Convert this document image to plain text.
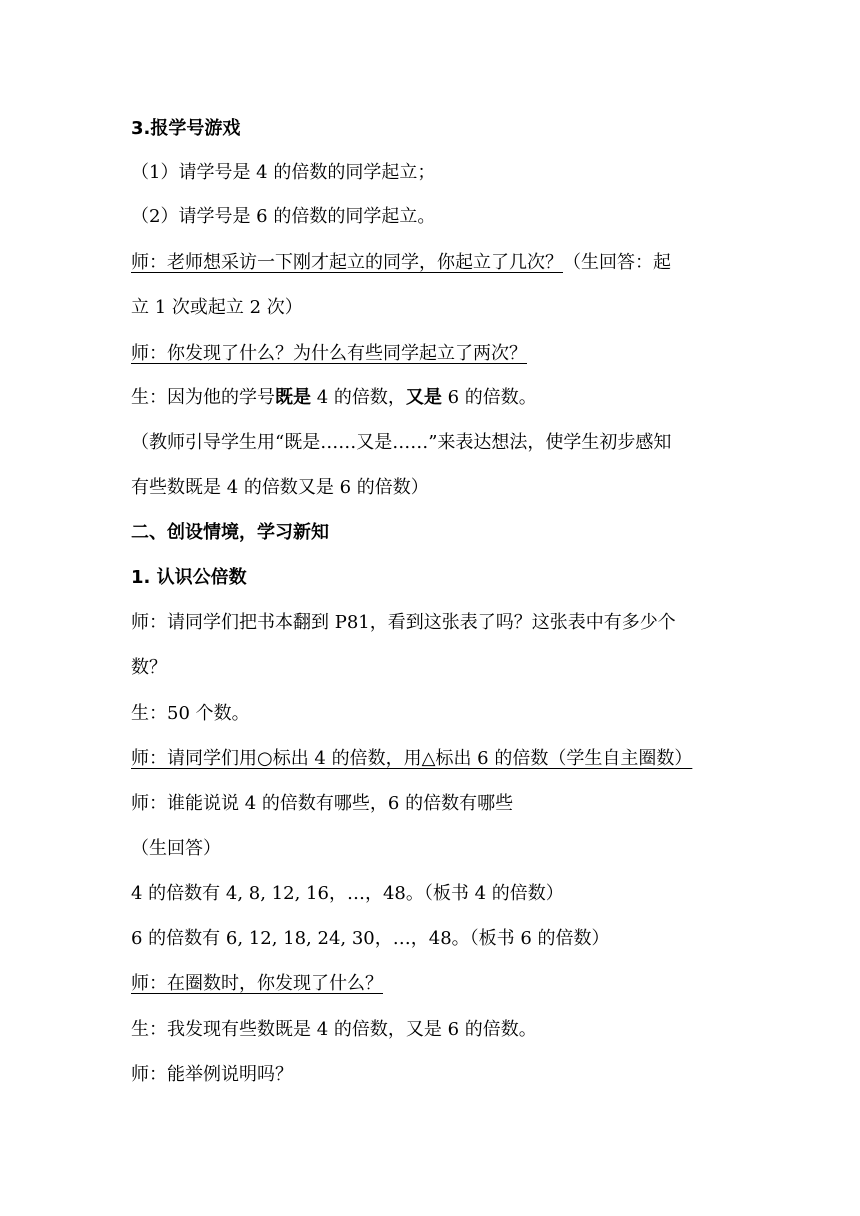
3.报学号游戏
（1）请学号是 4 的倍数的同学起立；
（2）请学号是 6 的倍数的同学起立。
师：老师想采访一下刚才起立的同学，你起立了几次？（生回答：起
立 1 次或起立 2 次）
师：你发现了什么？为什么有些同学起立了两次？
生：因为他的学号既是 4 的倍数，又是 6 的倍数。
（教师引导学生用“既是……又是……”来表达想法，使学生初步感知
有些数既是 4 的倍数又是 6 的倍数）
二、创设情境，学习新知
1. 认识公倍数
师：请同学们把书本翻到 P81，看到这张表了吗？这张表中有多少个
数？
生：50 个数。
师：请同学们用○标出 4 的倍数，用△标出 6 的倍数（学生自主圈数）
师：谁能说说 4 的倍数有哪些，6 的倍数有哪些
（生回答）
4 的倍数有 4, 8, 12, 16，…，48。（板书 4 的倍数）
6 的倍数有 6, 12, 18, 24, 30，…，48。（板书 6 的倍数）
师：在圈数时，你发现了什么？
生：我发现有些数既是 4 的倍数，又是 6 的倍数。
师：能举例说明吗？
